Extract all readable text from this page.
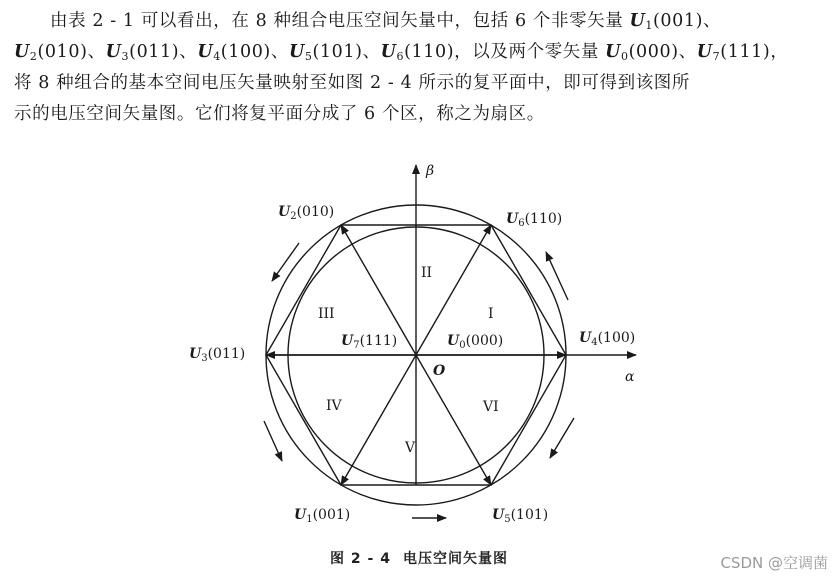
由表 2 - 1 可以看出，在 8 种组合电压空间矢量中，包括 6 个非零矢量 $U_1(001)$、

$U_2(010)$、$U_3(011)$、$U_4(100)$、$U_5(101)$、$U_6(110)$，以及两个零矢量 $U_0(000)$、$U_7(111)$，

将 8 种组合的基本空间电压矢量映射至如图 2 - 4 所示的复平面中，即可得到该图所

示的电压空间矢量图。它们将复平面分成了 6 个区，称之为扇区。

β
α
O
$U_2(010)$	$U_6(110)$
$U_3(011)$
$U_4(100)$
$U_7(111)$	$U_0(000)$
$U_1(001)$	$U_5(101)$
I
II
III
IV
V
VI
图 2 - 4 电压空间矢量图	CSDN @空调菌
